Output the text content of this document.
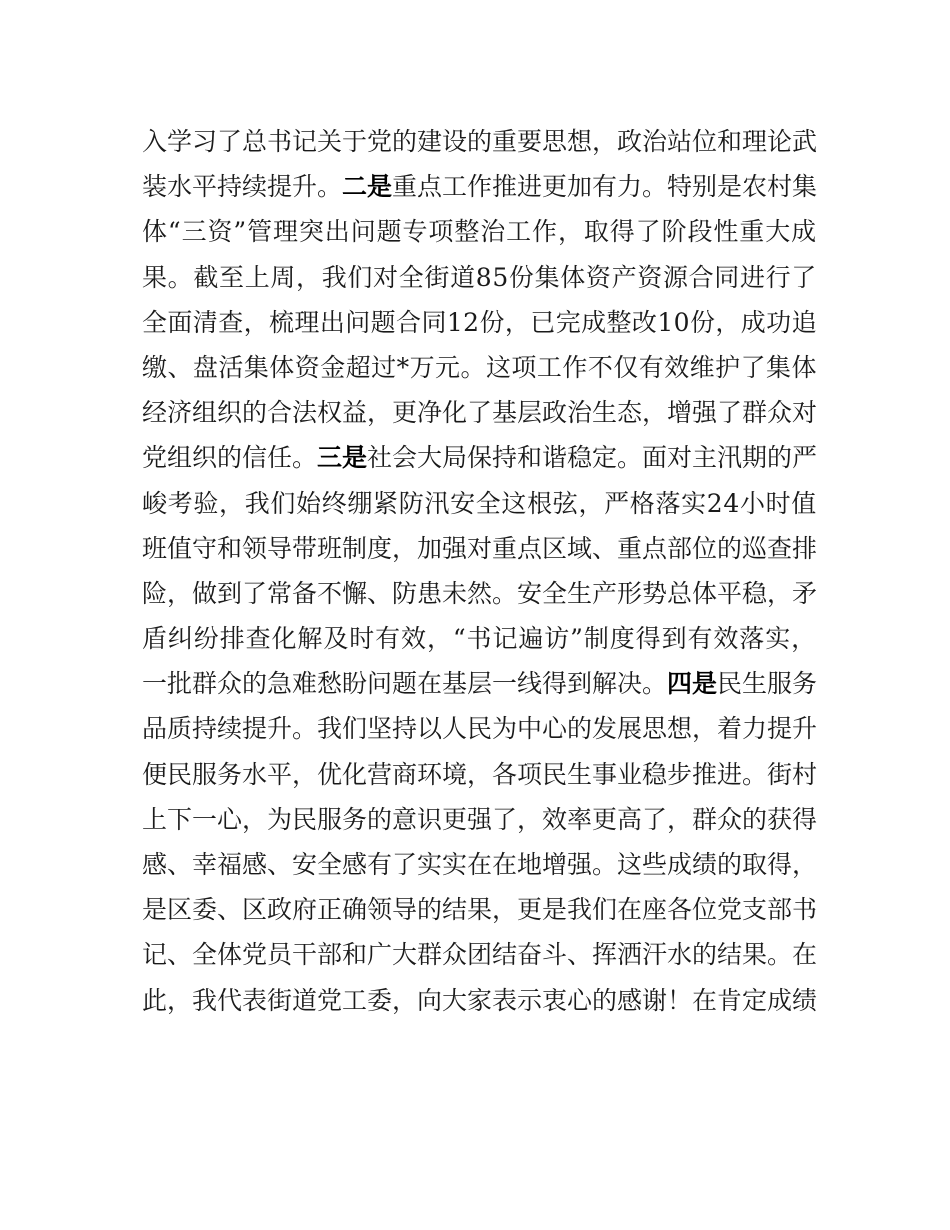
入学习了总书记关于党的建设的重要思想，政治站位和理论武
装水平持续提升。二是重点工作推进更加有力。特别是农村集
体“三资”管理突出问题专项整治工作，取得了阶段性重大成
果。截至上周，我们对全街道85份集体资产资源合同进行了
全面清查，梳理出问题合同12份，已完成整改10份，成功追
缴、盘活集体资金超过*万元。这项工作不仅有效维护了集体
经济组织的合法权益，更净化了基层政治生态，增强了群众对
党组织的信任。三是社会大局保持和谐稳定。面对主汛期的严
峻考验，我们始终绷紧防汛安全这根弦，严格落实24小时值
班值守和领导带班制度，加强对重点区域、重点部位的巡查排
险，做到了常备不懈、防患未然。安全生产形势总体平稳，矛
盾纠纷排查化解及时有效，“书记遍访”制度得到有效落实，
一批群众的急难愁盼问题在基层一线得到解决。四是民生服务
品质持续提升。我们坚持以人民为中心的发展思想，着力提升
便民服务水平，优化营商环境，各项民生事业稳步推进。街村
上下一心，为民服务的意识更强了，效率更高了，群众的获得
感、幸福感、安全感有了实实在在地增强。这些成绩的取得，
是区委、区政府正确领导的结果，更是我们在座各位党支部书
记、全体党员干部和广大群众团结奋斗、挥洒汗水的结果。在
此，我代表街道党工委，向大家表示衷心的感谢！在肯定成绩
